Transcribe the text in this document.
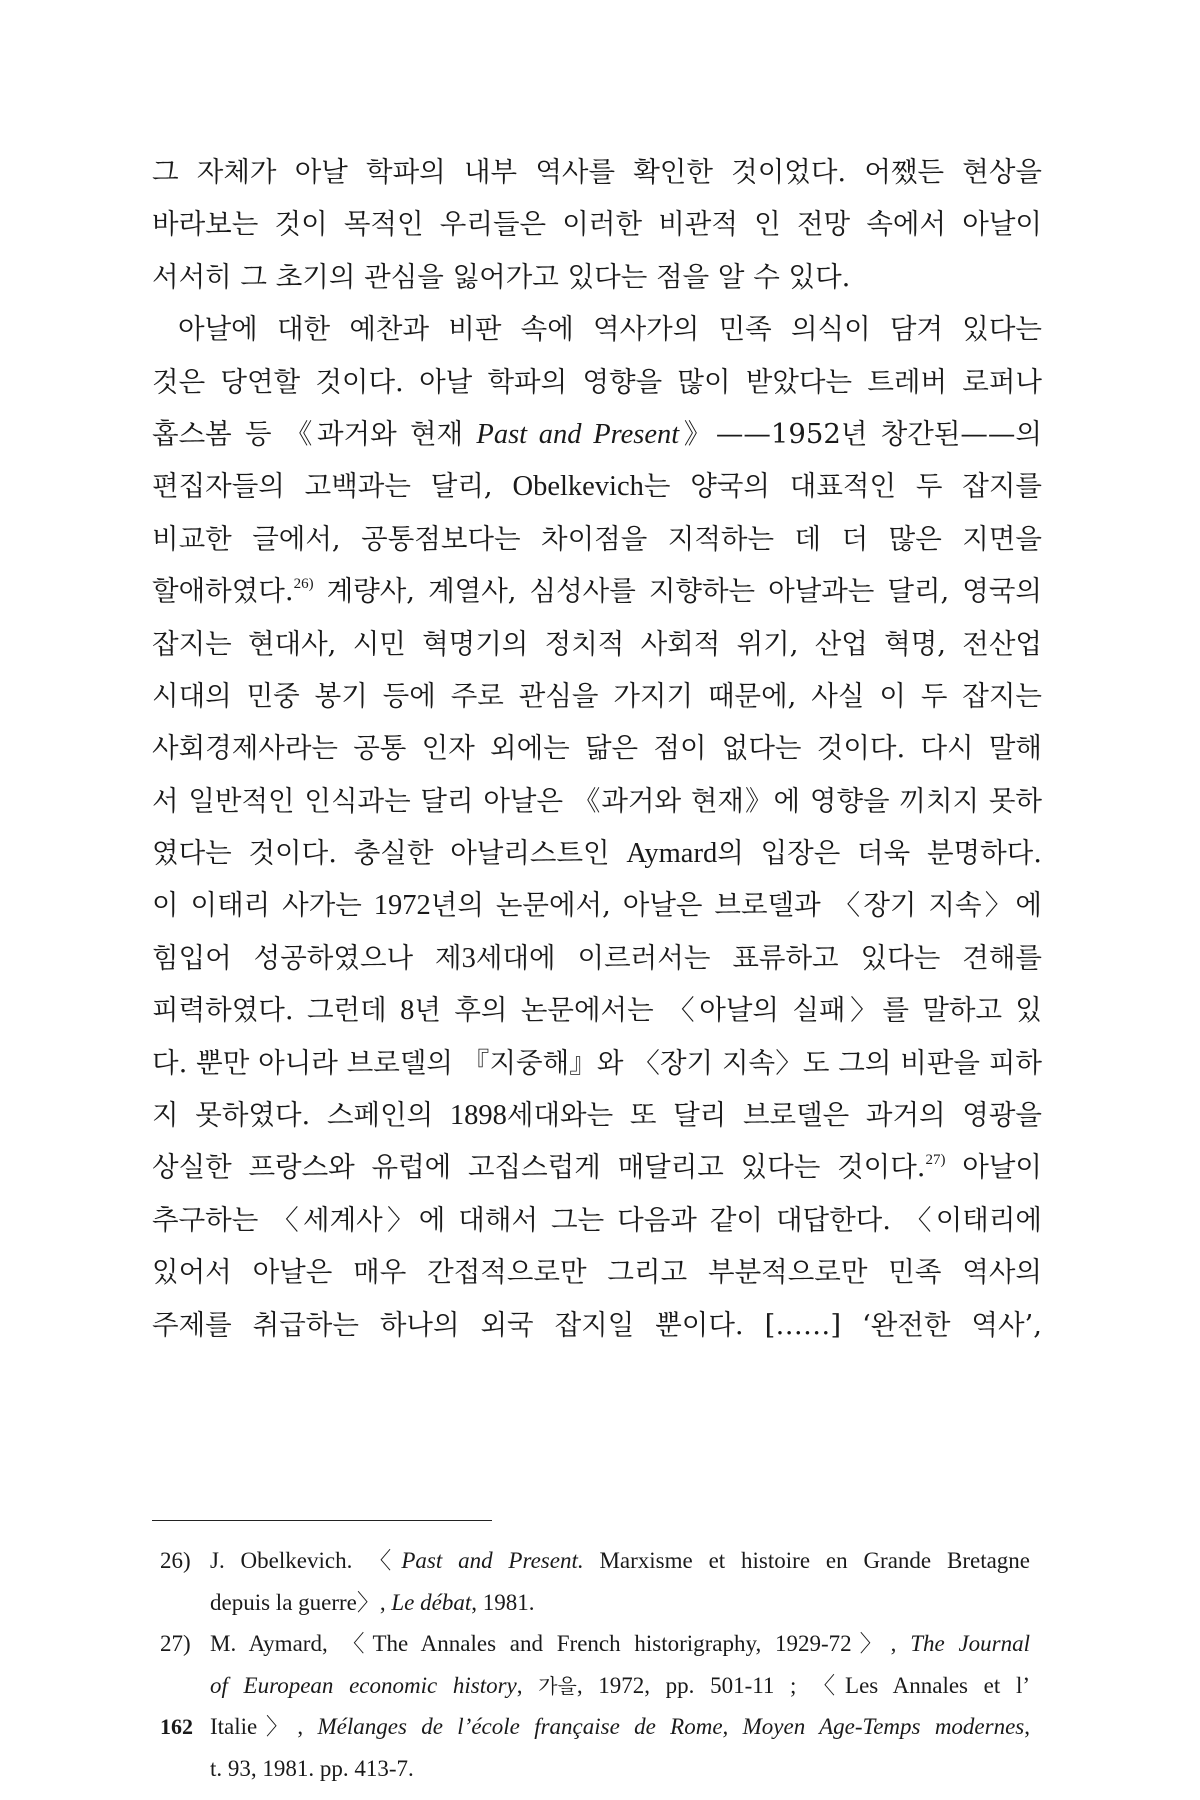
그 자체가 아날 학파의 내부 역사를 확인한 것이었다. 어쨌든 현상을
바라보는 것이 목적인 우리들은 이러한 비관적 인 전망 속에서 아날이
서서히 그 초기의 관심을 잃어가고 있다는 점을 알 수 있다.
아날에 대한 예찬과 비판 속에 역사가의 민족 의식이 담겨 있다는
것은 당연할 것이다. 아날 학파의 영향을 많이 받았다는 트레버 로퍼나
홉스봄 등 《과거와 현재 Past and Present》——1952년 창간된——의
편집자들의 고백과는 달리, Obelkevich는 양국의 대표적인 두 잡지를
비교한 글에서, 공통점보다는 차이점을 지적하는 데 더 많은 지면을
할애하였다.$^{26)}$ 계량사, 계열사, 심성사를 지향하는 아날과는 달리, 영국의
잡지는 현대사, 시민 혁명기의 정치적 사회적 위기, 산업 혁명, 전산업
시대의 민중 봉기 등에 주로 관심을 가지기 때문에, 사실 이 두 잡지는
사회경제사라는 공통 인자 외에는 닮은 점이 없다는 것이다. 다시 말해
서 일반적인 인식과는 달리 아날은 《과거와 현재》에 영향을 끼치지 못하
였다는 것이다. 충실한 아날리스트인 Aymard의 입장은 더욱 분명하다.
이 이태리 사가는 1972년의 논문에서, 아날은 브로델과 〈장기 지속〉에
힘입어 성공하였으나 제3세대에 이르러서는 표류하고 있다는 견해를
피력하였다. 그런데 8년 후의 논문에서는 〈아날의 실패〉를 말하고 있
다. 뿐만 아니라 브로델의 『지중해』와 〈장기 지속〉도 그의 비판을 피하
지 못하였다. 스페인의 1898세대와는 또 달리 브로델은 과거의 영광을
상실한 프랑스와 유럽에 고집스럽게 매달리고 있다는 것이다.$^{27)}$ 아날이
추구하는 〈세계사〉에 대해서 그는 다음과 같이 대답한다. 〈이태리에
있어서 아날은 매우 간접적으로만 그리고 부분적으로만 민족 역사의
주제를 취급하는 하나의 외국 잡지일 뿐이다. [……] ‘완전한 역사’,
26) J. Obelkevich. 〈Past and Present. Marxisme et histoire en Grande Bretagne
depuis la guerre〉, Le débat, 1981.
27) M. Aymard, 〈The Annales and French historigraphy, 1929-72〉, The Journal
of European economic history, 가을, 1972, pp. 501-11 ; 〈Les Annales et l’
Italie〉, Mélanges de l’école française de Rome, Moyen Age-Temps modernes,
t. 93, 1981. pp. 413-7.
162
